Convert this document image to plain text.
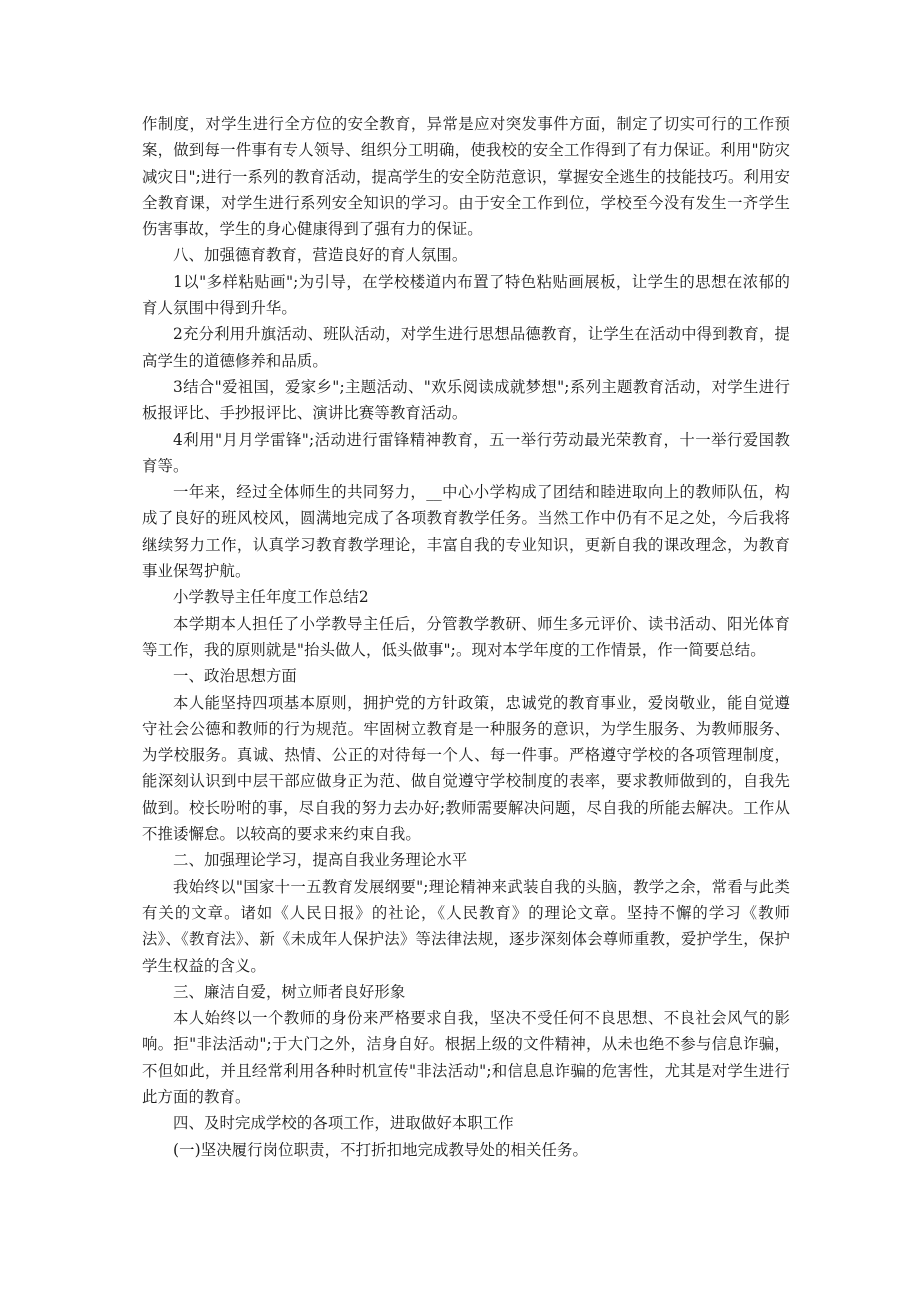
作制度，对学生进行全方位的安全教育，异常是应对突发事件方面，制定了切实可行的工作预案，做到每一件事有专人领导、组织分工明确，使我校的安全工作得到了有力保证。利用"防灾减灾日";进行一系列的教育活动，提高学生的安全防范意识，掌握安全逃生的技能技巧。利用安全教育课，对学生进行系列安全知识的学习。由于安全工作到位，学校至今没有发生一齐学生伤害事故，学生的身心健康得到了强有力的保证。

八、加强德育教育，营造良好的育人氛围。

1以"多样粘贴画";为引导，在学校楼道内布置了特色粘贴画展板，让学生的思想在浓郁的育人氛围中得到升华。

2充分利用升旗活动、班队活动，对学生进行思想品德教育，让学生在活动中得到教育，提高学生的道德修养和品质。

3结合"爱祖国，爱家乡";主题活动、"欢乐阅读成就梦想";系列主题教育活动，对学生进行板报评比、手抄报评比、演讲比赛等教育活动。

4利用"月月学雷锋";活动进行雷锋精神教育，五一举行劳动最光荣教育，十一举行爱国教育等。

一年来，经过全体师生的共同努力，__中心小学构成了团结和睦进取向上的教师队伍，构成了良好的班风校风，圆满地完成了各项教育教学任务。当然工作中仍有不足之处，今后我将继续努力工作，认真学习教育教学理论，丰富自我的专业知识，更新自我的课改理念，为教育事业保驾护航。

小学教导主任年度工作总结2

本学期本人担任了小学教导主任后，分管教学教研、师生多元评价、读书活动、阳光体育等工作，我的原则就是"抬头做人，低头做事";。现对本学年度的工作情景，作一简要总结。

一、政治思想方面

本人能坚持四项基本原则，拥护党的方针政策，忠诚党的教育事业，爱岗敬业，能自觉遵守社会公德和教师的行为规范。牢固树立教育是一种服务的意识，为学生服务、为教师服务、为学校服务。真诚、热情、公正的对待每一个人、每一件事。严格遵守学校的各项管理制度，能深刻认识到中层干部应做身正为范、做自觉遵守学校制度的表率，要求教师做到的，自我先做到。校长吩咐的事，尽自我的努力去办好;教师需要解决问题，尽自我的所能去解决。工作从不推诿懈怠。以较高的要求来约束自我。

二、加强理论学习，提高自我业务理论水平

我始终以"国家十一五教育发展纲要";理论精神来武装自我的头脑，教学之余，常看与此类有关的文章。诸如《人民日报》的社论，《人民教育》的理论文章。坚持不懈的学习《教师法》、《教育法》、新《未成年人保护法》等法律法规，逐步深刻体会尊师重教，爱护学生，保护学生权益的含义。

三、廉洁自爱，树立师者良好形象

本人始终以一个教师的身份来严格要求自我，坚决不受任何不良思想、不良社会风气的影响。拒"非法活动";于大门之外，洁身自好。根据上级的文件精神，从未也绝不参与信息诈骗，不但如此，并且经常利用各种时机宣传"非法活动";和信息息诈骗的危害性，尤其是对学生进行此方面的教育。

四、及时完成学校的各项工作，进取做好本职工作

(一)坚决履行岗位职责，不打折扣地完成教导处的相关任务。
